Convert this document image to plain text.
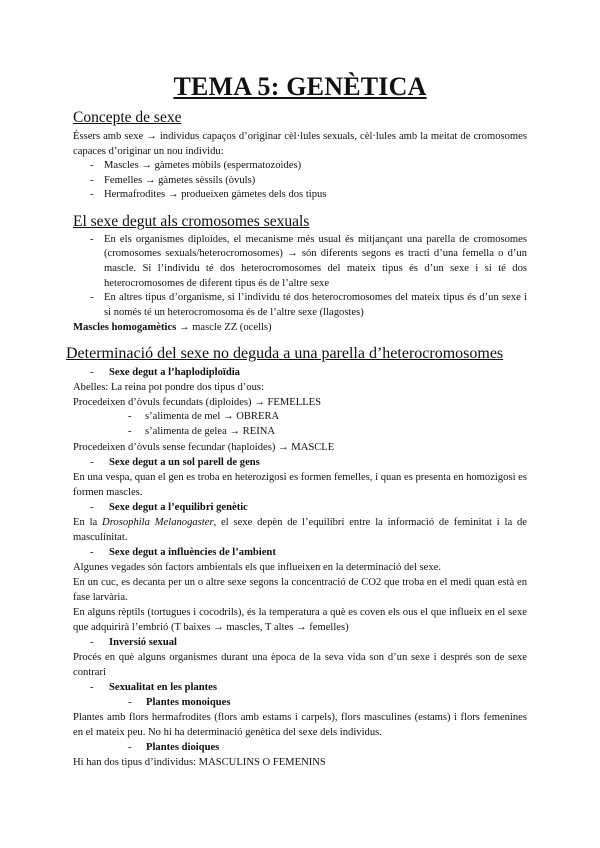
TEMA 5: GENÈTICA
Concepte de sexe

Éssers amb sexe → individus capaços d’originar cèl·lules sexuals, cèl·lules amb la meitat de cromosomes capaces d’originar un nou individu:

- Mascles → gàmetes mòbils (espermatozoides)
- Femelles → gàmetes sèssils (òvuls)
- Hermafrodites → produeixen gàmetes dels dos tipus
El sexe degut als cromosomes sexuals
- En els organismes diploides, el mecanisme més usual és mitjançant una parella de cromosomes (cromosomes sexuals/heterocromosomes) → són diferents segons es tracti d’una femella o d’un mascle. Si l’individu té dos heterocromosomes del mateix tipus és d’un sexe i si té dos heterocromosomes de diferent tipus és de l’altre sexe
- En altres tipus d’organisme, si l’individu té dos heterocromosomes del mateix tipus és d’un sexe i si només té un heterocromosoma és de l’altre sexe (llagostes)

Mascles homogamètics → mascle ZZ (ocells)

Determinació del sexe no deguda a una parella d’heterocromosomes
- Sexe degut a l’haplodiploïdia

Abelles: La reina pot pondre dos tipus d’ous:

Procedeixen d’òvuls fecundats (diploides) → FEMELLES

- s’alimenta de mel → OBRERA
- s’alimenta de gelea → REINA

Procedeixen d’òvuls sense fecundar (haploides) → MASCLE

- Sexe degut a un sol parell de gens

En una vespa, quan el gen es troba en heterozigosi es formen femelles, i quan es presenta en homozigosi es formen mascles.

- Sexe degut a l’equilibri genètic

En la Drosophila Melanogaster, el sexe depèn de l’equilibri entre la informació de feminitat i la de masculinitat.

- Sexe degut a influències de l’ambient

Algunes vegades són factors ambientals els que influeixen en la determinació del sexe.

En un cuc, es decanta per un o altre sexe segons la concentració de CO2 que troba en el medi quan està en fase larvària.

En alguns rèptils (tortugues i cocodrils), és la temperatura a què es coven els ous el que influeix en el sexe que adquirirà l’embrió (T baixes → mascles, T altes → femelles)

- Inversió sexual

Procés en què alguns organismes durant una època de la seva vida son d’un sexe i després son de sexe contrari

- Sexualitat en les plantes
- Plantes monoiques

Plantes amb flors hermafrodites (flors amb estams i carpels), flors masculines (estams) i flors femenines en el mateix peu. No hi ha determinació genètica del sexe dels individus.

- Plantes dioiques

Hi han dos tipus d’individus: MASCULINS O FEMENINS
